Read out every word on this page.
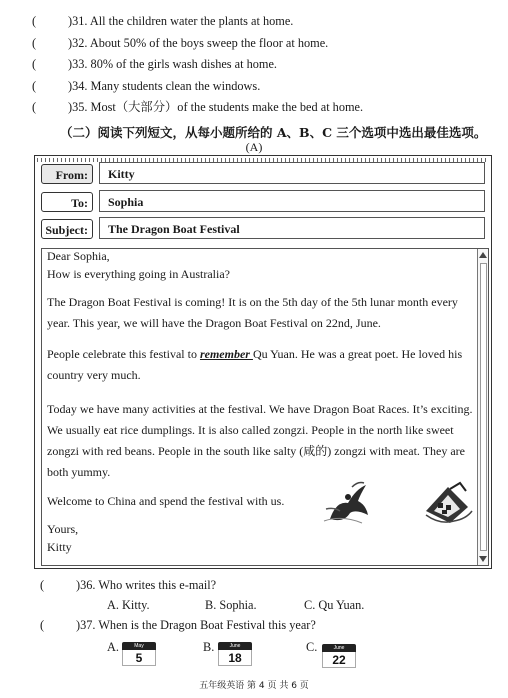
(	)31. All the children water the plants at home.
(	)32. About 50% of the boys sweep the floor at home.
(	)33. 80% of the girls wash dishes at home.
(	)34. Many students clean the windows.
(	)35. Most（大部分）of the students make the bed at home.
（二）阅读下列短文，从每小题所给的 A、B、C 三个选项中选出最佳选项。
(A)
From:	Kitty
To:	Sophia
Subject:	The Dragon Boat Festival
Dear Sophia,
How is everything going in Australia?
The Dragon Boat Festival is coming! It is on the 5th day of the 5th lunar month every year. This year, we will have the Dragon Boat Festival on 22nd, June.
People celebrate this festival to remember Qu Yuan. He was a great poet. He loved his country very much.
Today we have many activities at the festival. We have Dragon Boat Races. It’s exciting. We usually eat rice dumplings. It is also called zongzi. People in the north like sweet zongzi with red beans. People in the south like salty (咸的) zongzi with meat. They are both yummy.
Welcome to China and spend the festival with us.
Yours,
Kitty
(	)36. Who writes this e-mail?
A. Kitty.	B. Sophia.	C. Qu Yuan.
(	)37. When is the Dragon Boat Festival this year?
A.	May
5
B.	June
18
C.	June
22
五年级英语 第 4 页 共 6 页
